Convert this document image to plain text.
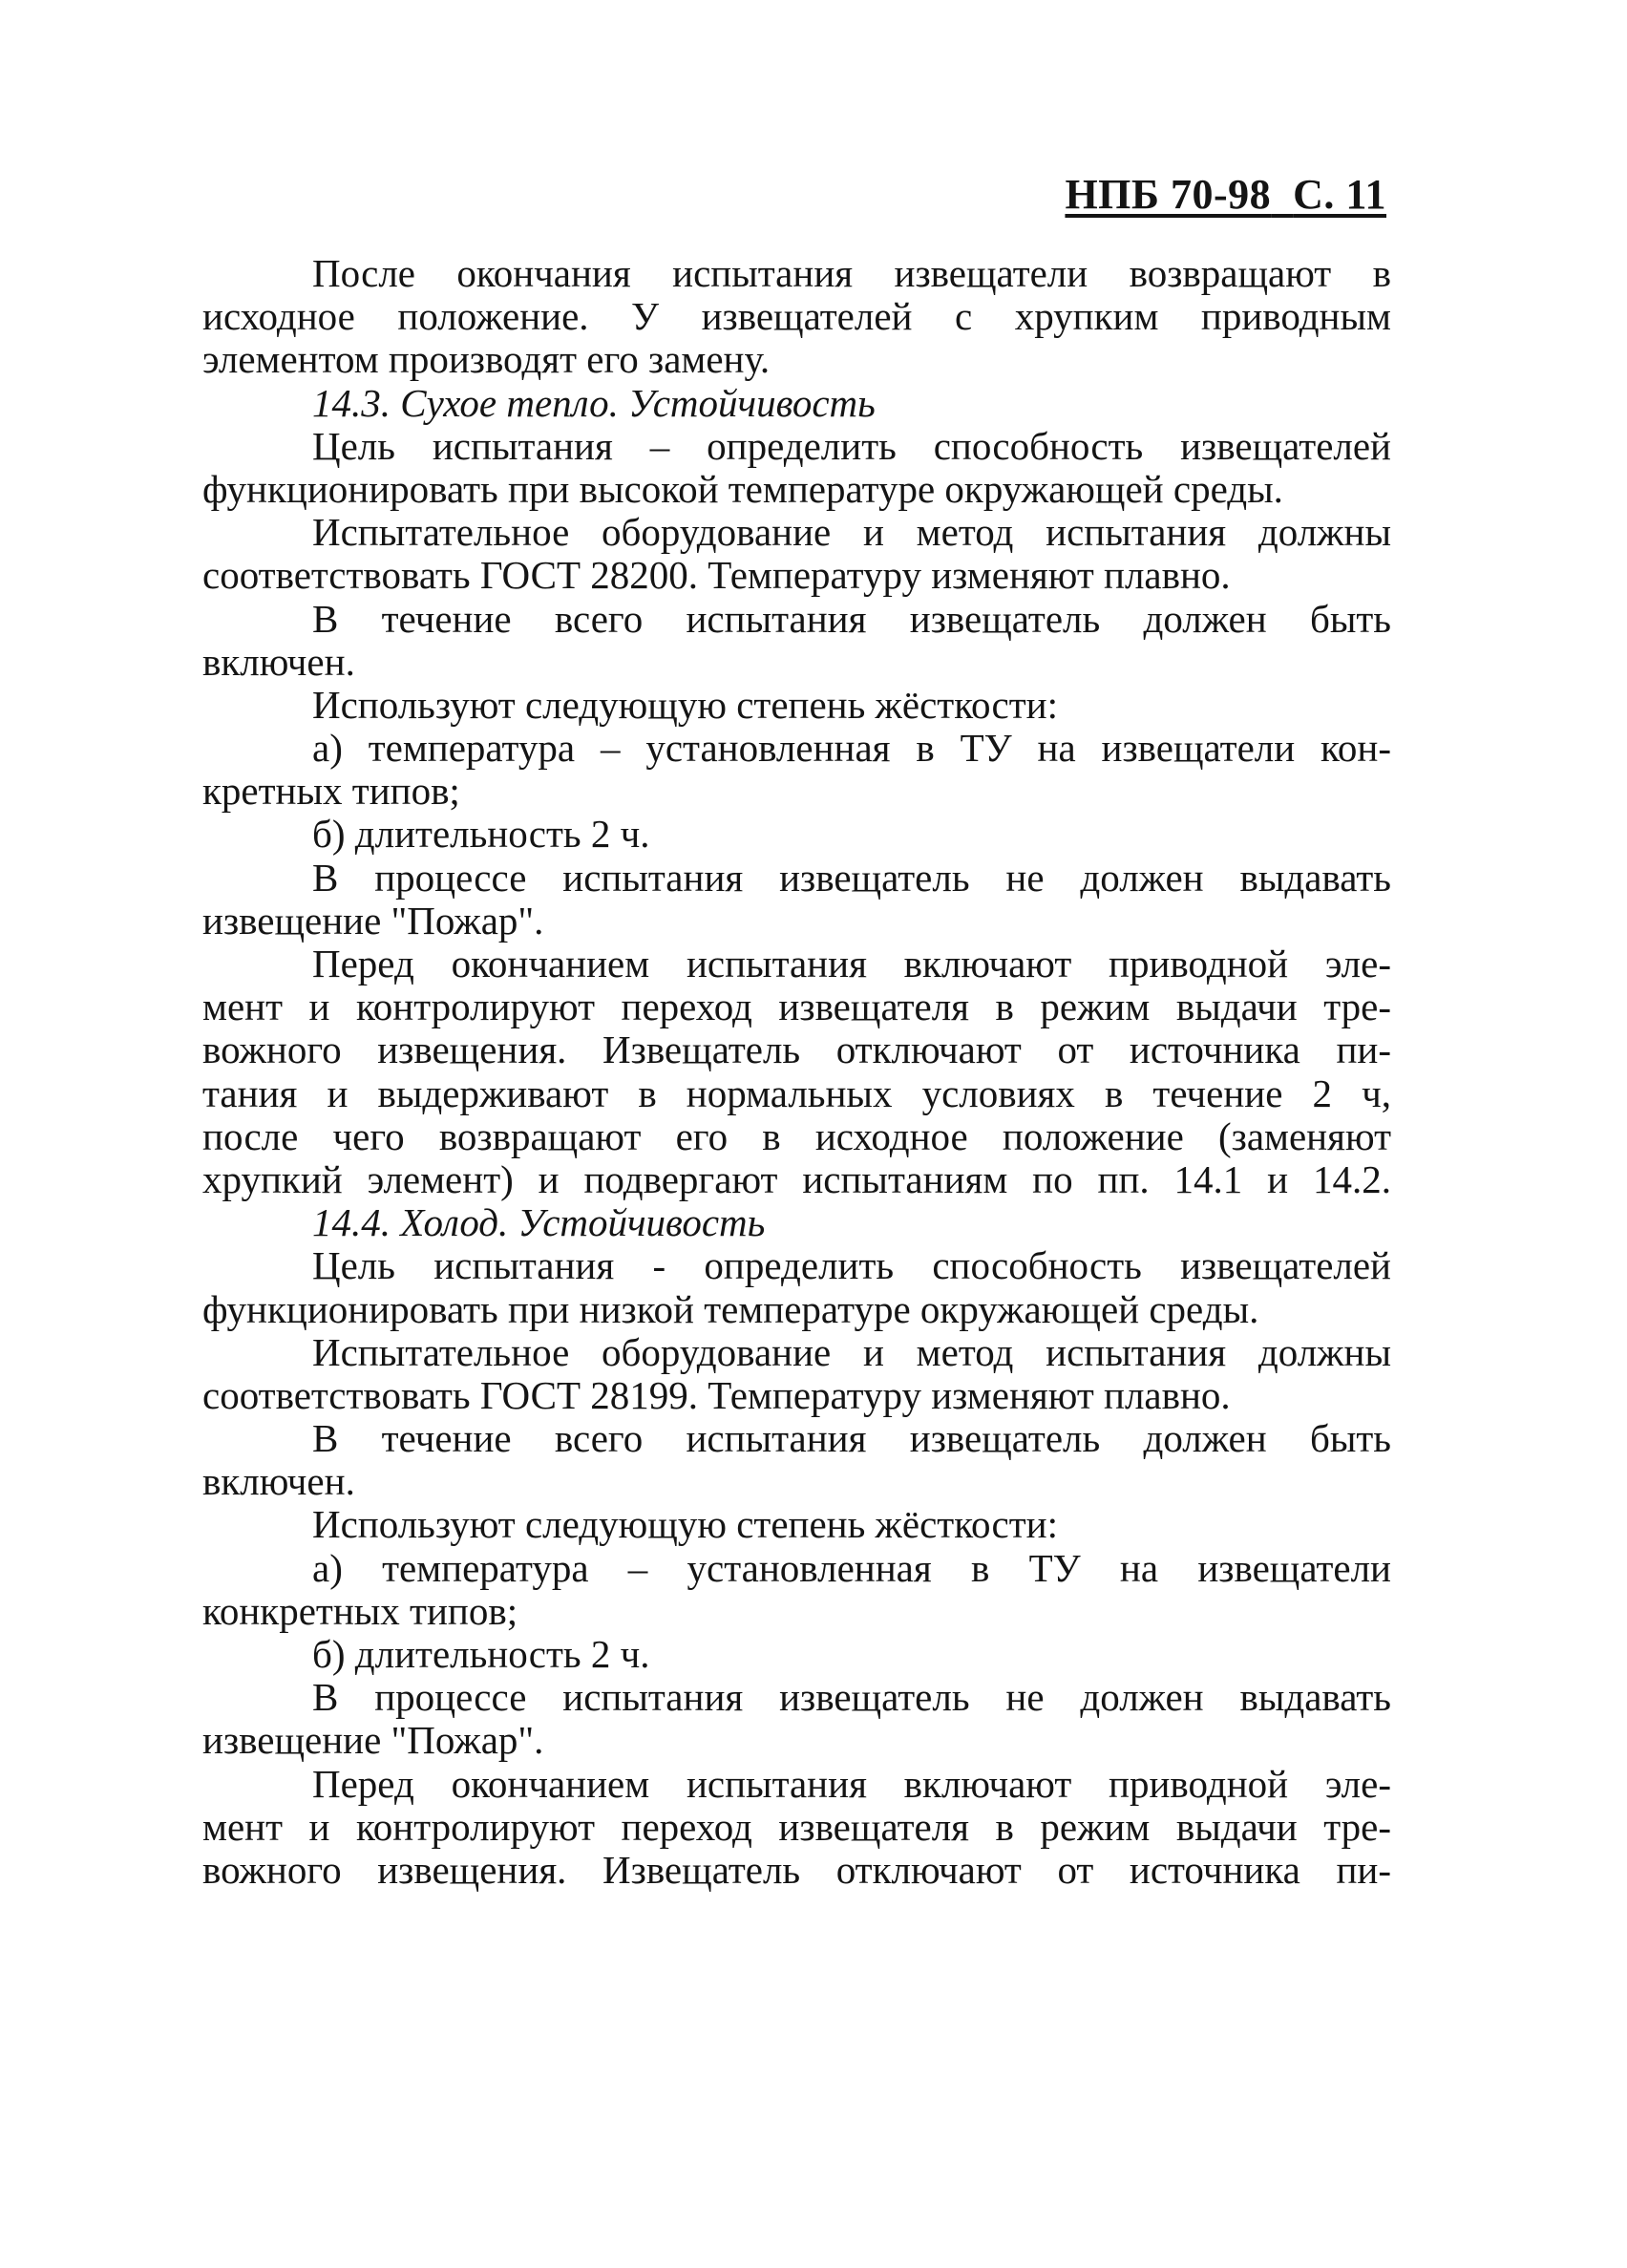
НПБ 70-98 С. 11
После окончания испытания извещатели возвращают в
исходное положение. У извещателей с хрупким приводным
элементом производят его замену.
14.3. Сухое тепло. Устойчивость
Цель испытания – определить способность извещателей
функционировать при высокой температуре окружающей среды.
Испытательное оборудование и метод испытания должны
соответствовать ГОСТ 28200. Температуру изменяют плавно.
В течение всего испытания извещатель должен быть
включен.
Используют следующую степень жёсткости:
а) температура – установленная в ТУ на извещатели кон-
кретных типов;
б) длительность 2 ч.
В процессе испытания извещатель не должен выдавать
извещение "Пожар".
Перед окончанием испытания включают приводной эле-
мент и контролируют переход извещателя в режим выдачи тре-
вожного извещения. Извещатель отключают от источника пи-
тания и выдерживают в нормальных условиях в течение 2 ч,
после чего возвращают его в исходное положение (заменяют
хрупкий элемент) и подвергают испытаниям по пп. 14.1 и 14.2.
14.4. Холод. Устойчивость
Цель испытания - определить способность извещателей
функционировать при низкой температуре окружающей среды.
Испытательное оборудование и метод испытания должны
соответствовать ГОСТ 28199. Температуру изменяют плавно.
В течение всего испытания извещатель должен быть
включен.
Используют следующую степень жёсткости:
а) температура – установленная в ТУ на извещатели
конкретных типов;
б) длительность 2 ч.
В процессе испытания извещатель не должен выдавать
извещение "Пожар".
Перед окончанием испытания включают приводной эле-
мент и контролируют переход извещателя в режим выдачи тре-
вожного извещения. Извещатель отключают от источника пи-
